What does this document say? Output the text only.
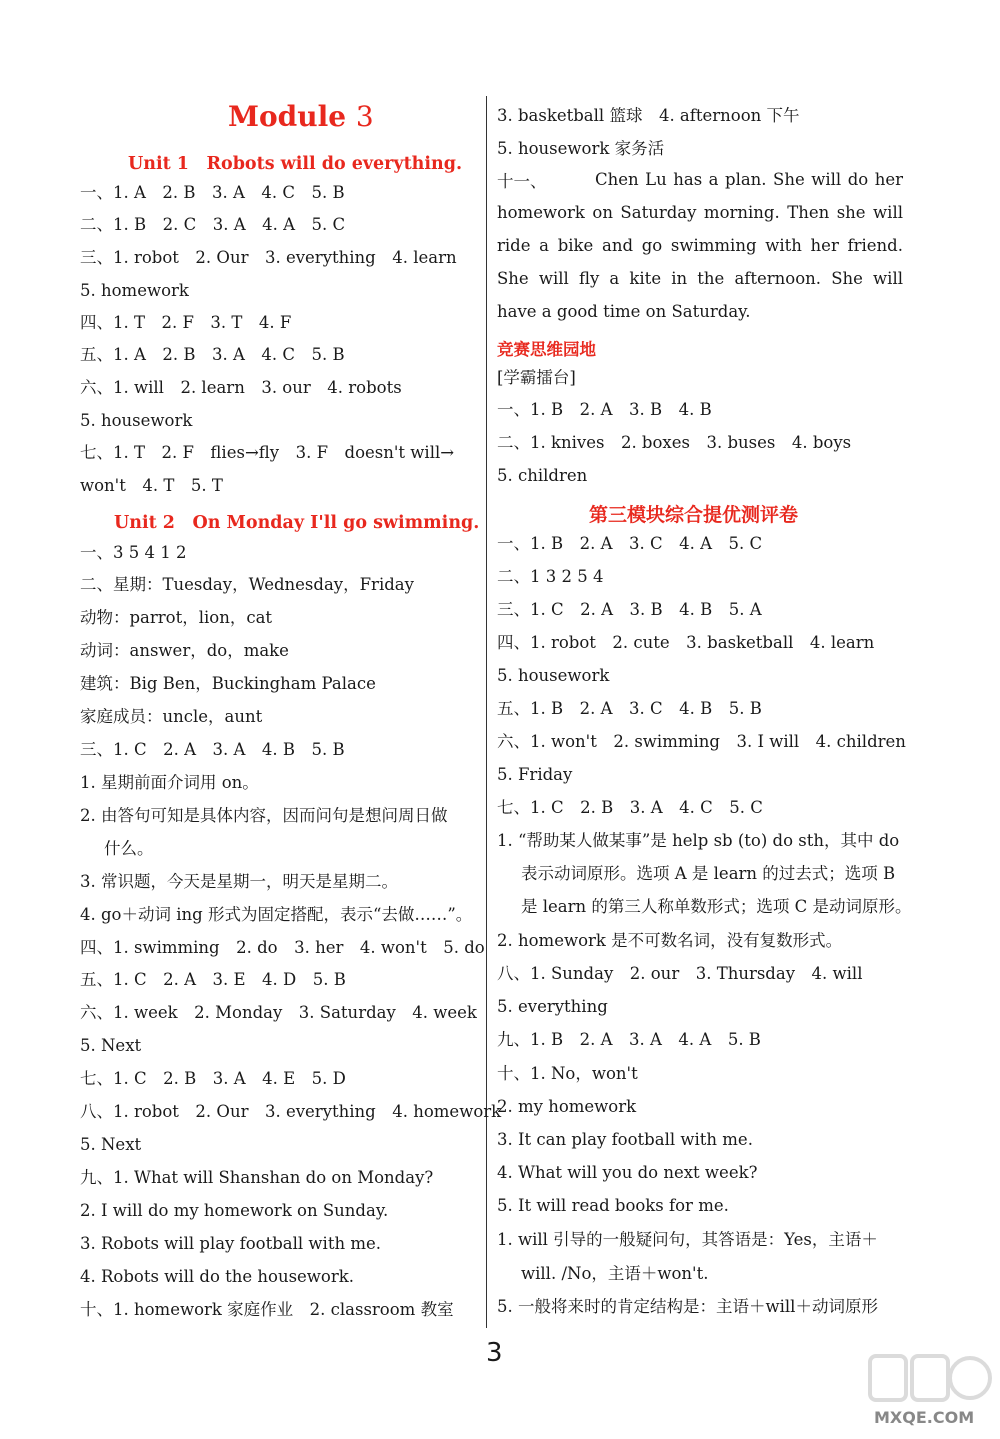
Module 3
Unit 1　Robots will do everything.
一、1. A　2. B　3. A　4. C　5. B
二、1. B　2. C　3. A　4. A　5. C
三、1. robot　2. Our　3. everything　4. learn
5. homework
四、1. T　2. F　3. T　4. F
五、1. A　2. B　3. A　4. C　5. B
六、1. will　2. learn　3. our　4. robots
5. housework
七、1. T　2. F　flies→fly　3. F　doesn't will→
won't　4. T　5. T
Unit 2　On Monday I'll go swimming.
一、3 5 4 1 2
二、星期：Tuesday，Wednesday，Friday
动物：parrot，lion，cat
动词：answer，do，make
建筑：Big Ben，Buckingham Palace
家庭成员：uncle，aunt
三、1. C　2. A　3. A　4. B　5. B
1. 星期前面介词用 on。
2. 由答句可知是具体内容，因而问句是想问周日做
什么。
3. 常识题，今天是星期一，明天是星期二。
4. go＋动词 ing 形式为固定搭配，表示“去做……”。
四、1. swimming　2. do　3. her　4. won't　5. do
五、1. C　2. A　3. E　4. D　5. B
六、1. week　2. Monday　3. Saturday　4. week
5. Next
七、1. C　2. B　3. A　4. E　5. D
八、1. robot　2. Our　3. everything　4. homework
5. Next
九、1. What will Shanshan do on Monday?
2. I will do my homework on Sunday.
3. Robots will play football with me.
4. Robots will do the housework.
十、1. homework 家庭作业　2. classroom 教室
3. basketball 篮球　4. afternoon 下午
5. housework 家务活
十一、	Chen Lu has a plan. She will do her homework on Saturday morning. Then she will ride a bike and go swimming with her friend. She will fly a kite in the afternoon. She will have a good time on Saturday.
竞赛思维园地
[学霸擂台]
一、1. B　2. A　3. B　4. B
二、1. knives　2. boxes　3. buses　4. boys
5. children
第三模块综合提优测评卷
一、1. B　2. A　3. C　4. A　5. C
二、1 3 2 5 4
三、1. C　2. A　3. B　4. B　5. A
四、1. robot　2. cute　3. basketball　4. learn
5. housework
五、1. B　2. A　3. C　4. B　5. B
六、1. won't　2. swimming　3. I will　4. children
5. Friday
七、1. C　2. B　3. A　4. C　5. C
1. “帮助某人做某事”是 help sb (to) do sth，其中 do
表示动词原形。选项 A 是 learn 的过去式；选项 B
是 learn 的第三人称单数形式；选项 C 是动词原形。
2. homework 是不可数名词，没有复数形式。
八、1. Sunday　2. our　3. Thursday　4. will
5. everything
九、1. B　2. A　3. A　4. A　5. B
十、1. No，won't
2. my homework
3. It can play football with me.
4. What will you do next week?
5. It will read books for me.
1. will 引导的一般疑问句，其答语是：Yes，主语＋
will. /No，主语＋won't.
5. 一般将来时的肯定结构是：主语＋will＋动词原形
3
MXQE.COM
